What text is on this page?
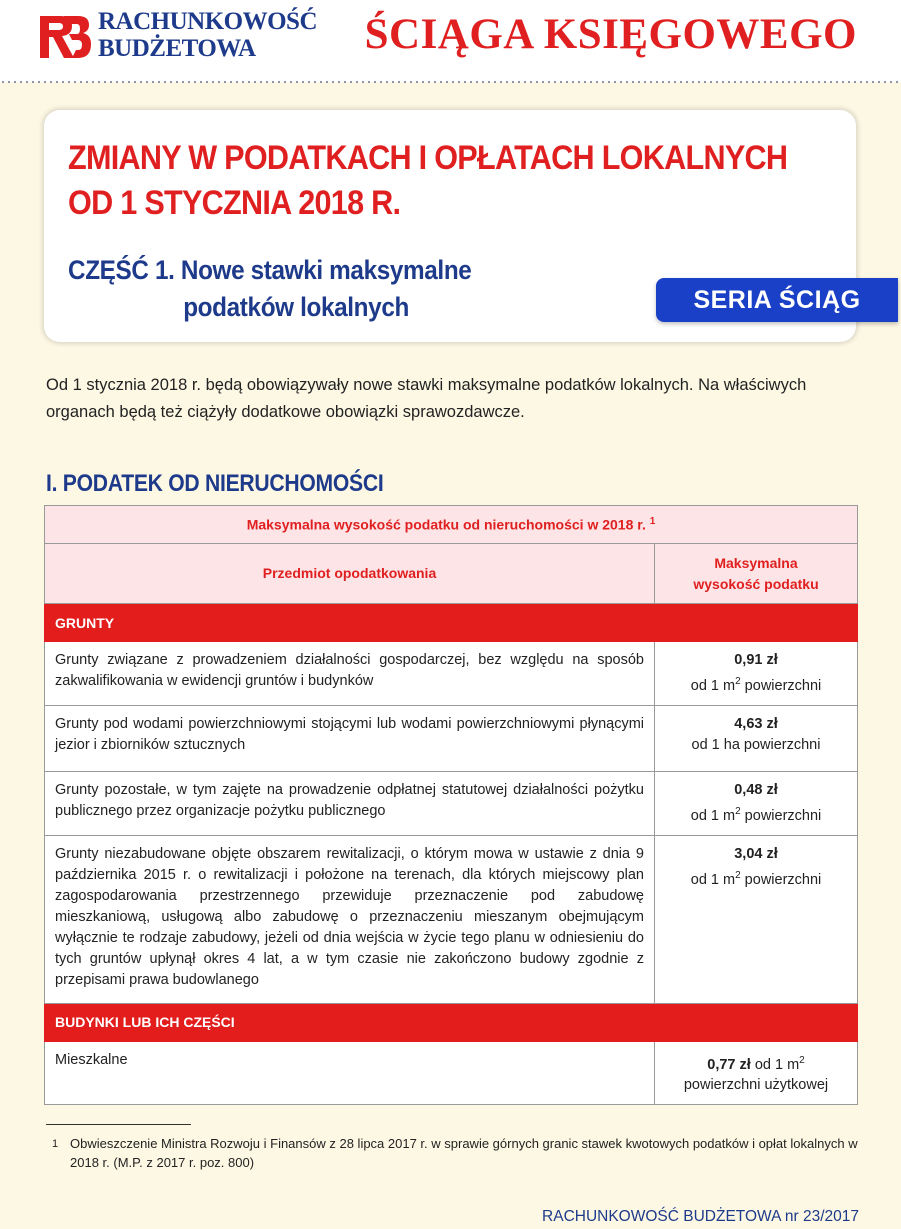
RACHUNKOWOŚĆ
BUDŻETOWA	ŚCIĄGA KSIĘGOWEGO
ZMIANY W PODATKACH I OPŁATACH LOKALNYCH
OD 1 STYCZNIA 2018 R.
CZĘŚĆ 1. Nowe stawki maksymalne
podatków lokalnych	SERIA ŚCIĄG

Od 1 stycznia 2018 r. będą obowiązywały nowe stawki maksymalne podatków lokalnych. Na właściwych organach będą też ciążyły dodatkowe obowiązki sprawozdawcze.

I. PODATEK OD NIERUCHOMOŚCI
Maksymalna wysokość podatku od nieruchomości w 2018 r. $^1$
Przedmiot opodatkowania	Maksymalna
wysokość podatku

GRUNTY	
Grunty związane z prowadzeniem działalności gospodarczej, bez względu na sposób zakwalifikowania w ewidencji gruntów i budynków	0,91 zł
od 1 $m^2$ powierzchni

Grunty pod wodami powierzchniowymi stojącymi lub wodami powierzchniowymi płynącymi jezior i zbiorników sztucznych	4,63 zł
od 1 ha powierzchni

Grunty pozostałe, w tym zajęte na prowadzenie odpłatnej statutowej działalności pożytku publicznego przez organizacje pożytku publicznego	0,48 zł
od 1 $m^2$ powierzchni

Grunty niezabudowane objęte obszarem rewitalizacji, o którym mowa w ustawie z dnia 9 października 2015 r. o rewitalizacji i położone na terenach, dla których miejscowy plan zagospodarowania przestrzennego przewiduje przeznaczenie pod zabudowę mieszkaniową, usługową albo zabudowę o przeznaczeniu mieszanym obejmującym wyłącznie te rodzaje zabudowy, jeżeli od dnia wejścia w życie tego planu w odniesieniu do tych gruntów upłynął okres 4 lat, a w tym czasie nie zakończono budowy zgodnie z przepisami prawa budowlanego	3,04 zł
od 1 $m^2$ powierzchni

BUDYNKI LUB ICH CZĘŚCI	
Mieszkalne	0,77 zł od 1 $m^2$
powierzchni użytkowej
1 Obwieszczenie Ministra Rozwoju i Finansów z 28 lipca 2017 r. w sprawie górnych granic stawek kwotowych podatków i opłat lokalnych w 2018 r. (M.P. z 2017 r. poz. 800)
RACHUNKOWOŚĆ BUDŻETOWA nr 23/2017
